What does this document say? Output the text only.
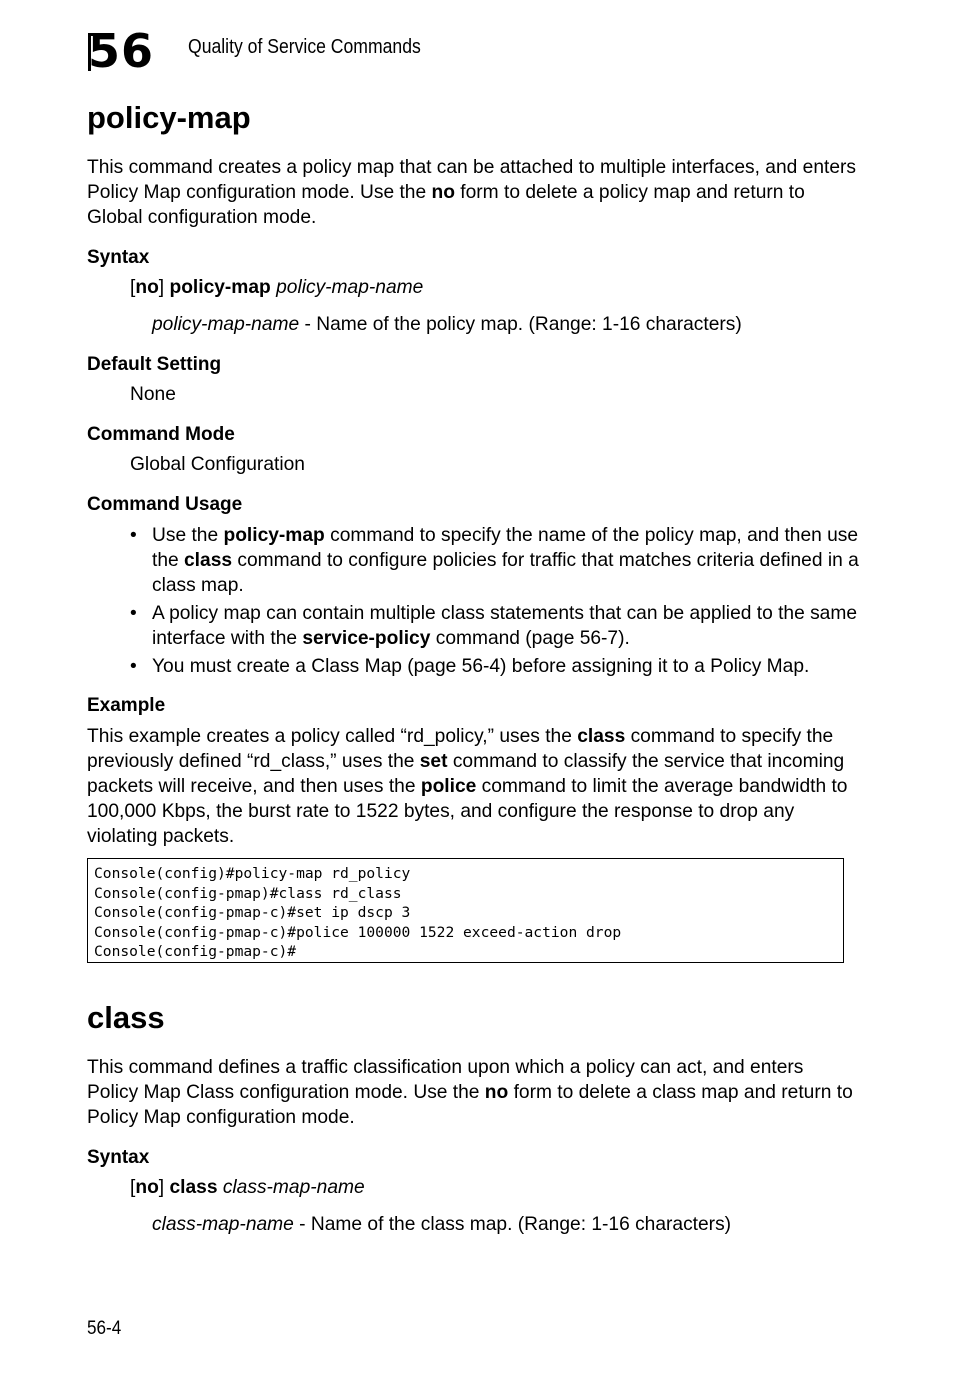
56 Quality of Service Commands
policy-map
This command creates a policy map that can be attached to multiple interfaces, and enters Policy Map configuration mode. Use the no form to delete a policy map and return to Global configuration mode.
Syntax
[no] policy-map policy-map-name
policy-map-name - Name of the policy map. (Range: 1-16 characters)
Default Setting
None
Command Mode
Global Configuration
Command Usage
• Use the policy-map command to specify the name of the policy map, and then use the class command to configure policies for traffic that matches criteria defined in a class map.
• A policy map can contain multiple class statements that can be applied to the same interface with the service-policy command (page 56-7).
• You must create a Class Map (page 56-4) before assigning it to a Policy Map.
Example
This example creates a policy called “rd_policy,” uses the class command to specify the previously defined “rd_class,” uses the set command to classify the service that incoming packets will receive, and then uses the police command to limit the average bandwidth to 100,000 Kbps, the burst rate to 1522 bytes, and configure the response to drop any violating packets.
Console(config)#policy-map rd_policy
Console(config-pmap)#class rd_class
Console(config-pmap-c)#set ip dscp 3
Console(config-pmap-c)#police 100000 1522 exceed-action drop
Console(config-pmap-c)#
class
This command defines a traffic classification upon which a policy can act, and enters Policy Map Class configuration mode. Use the no form to delete a class map and return to Policy Map configuration mode.
Syntax
[no] class class-map-name
class-map-name - Name of the class map. (Range: 1-16 characters)
56-4
